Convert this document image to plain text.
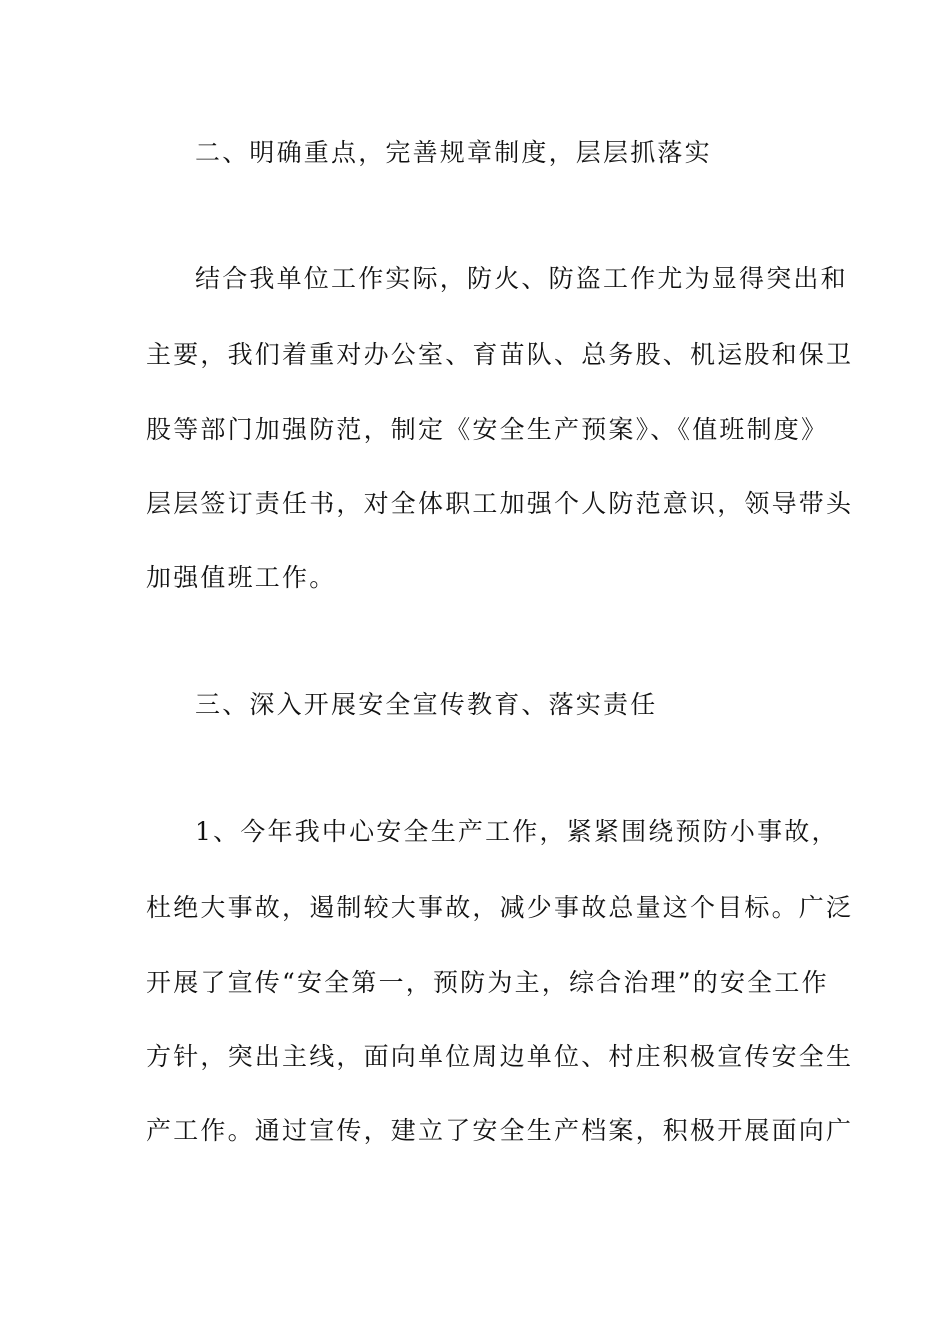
二、明确重点，完善规章制度，层层抓落实
结合我单位工作实际，防火、防盗工作尤为显得突出和
主要，我们着重对办公室、育苗队、总务股、机运股和保卫
股等部门加强防范，制定《安全生产预案》、《值班制度》
层层签订责任书，对全体职工加强个人防范意识，领导带头
加强值班工作。
三、深入开展安全宣传教育、落实责任
1、今年我中心安全生产工作，紧紧围绕预防小事故，
杜绝大事故，遏制较大事故，减少事故总量这个目标。广泛
开展了宣传“安全第一，预防为主，综合治理”的安全工作
方针，突出主线，面向单位周边单位、村庄积极宣传安全生
产工作。通过宣传，建立了安全生产档案，积极开展面向广
